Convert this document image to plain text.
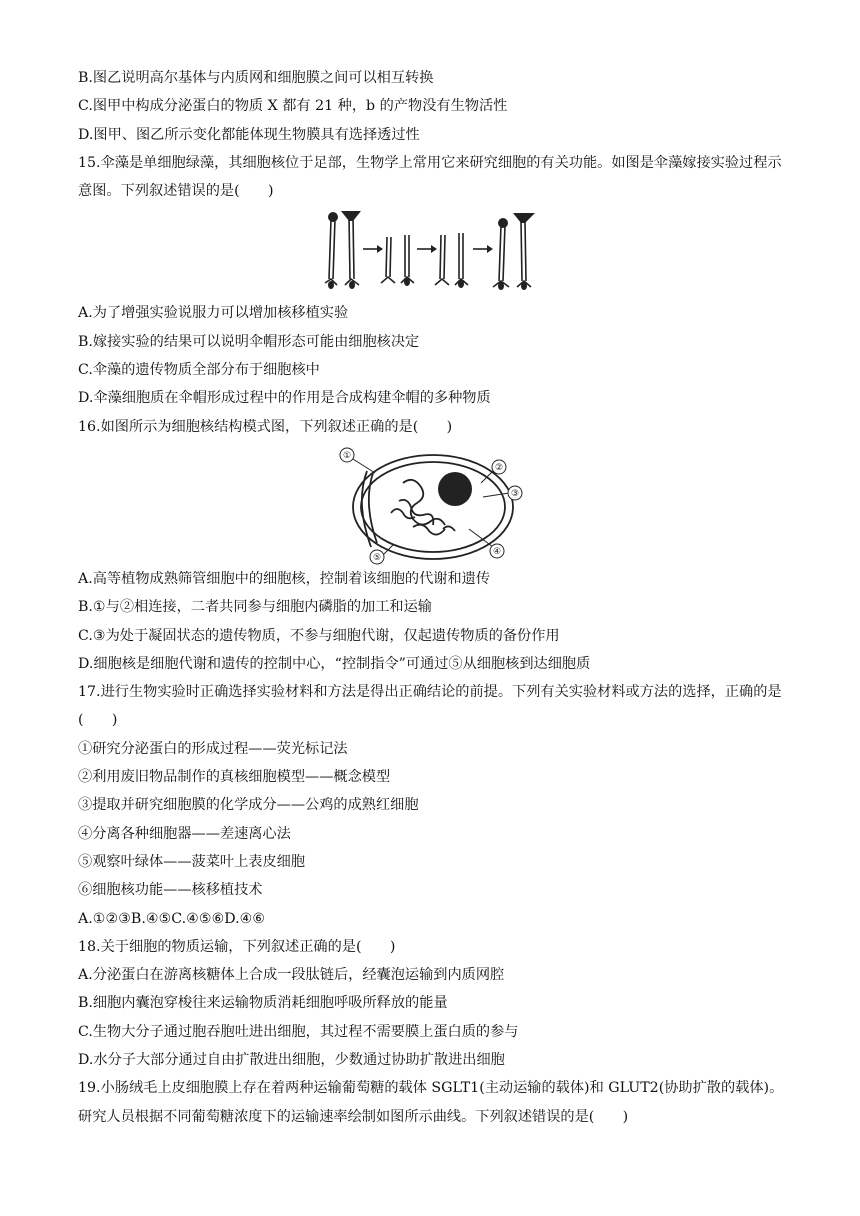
B.图乙说明高尔基体与内质网和细胞膜之间可以相互转换
C.图甲中构成分泌蛋白的物质 X 都有 21 种，b 的产物没有生物活性
D.图甲、图乙所示变化都能体现生物膜具有选择透过性
15.伞藻是单细胞绿藻，其细胞核位于足部，生物学上常用它来研究细胞的有关功能。如图是伞藻嫁接实验过程示意图。下列叙述错误的是(　　)
A.为了增强实验说服力可以增加核移植实验
B.嫁接实验的结果可以说明伞帽形态可能由细胞核决定
C.伞藻的遗传物质全部分布于细胞核中
D.伞藻细胞质在伞帽形成过程中的作用是合成构建伞帽的多种物质
16.如图所示为细胞核结构模式图，下列叙述正确的是(　　)
①
②
③
④
⑤
A.高等植物成熟筛管细胞中的细胞核，控制着该细胞的代谢和遗传
B.①与②相连接，二者共同参与细胞内磷脂的加工和运输
C.③为处于凝固状态的遗传物质，不参与细胞代谢，仅起遗传物质的备份作用
D.细胞核是细胞代谢和遗传的控制中心，“控制指令”可通过⑤从细胞核到达细胞质
17.进行生物实验时正确选择实验材料和方法是得出正确结论的前提。下列有关实验材料或方法的选择，正确的是(　　)
①研究分泌蛋白的形成过程——荧光标记法
②利用废旧物品制作的真核细胞模型——概念模型
③提取并研究细胞膜的化学成分——公鸡的成熟红细胞
④分离各种细胞器——差速离心法
⑤观察叶绿体——菠菜叶上表皮细胞
⑥细胞核功能——核移植技术
A.①②③B.④⑤C.④⑤⑥D.④⑥
18.关于细胞的物质运输，下列叙述正确的是(　　)
A.分泌蛋白在游离核糖体上合成一段肽链后，经囊泡运输到内质网腔
B.细胞内囊泡穿梭往来运输物质消耗细胞呼吸所释放的能量
C.生物大分子通过胞吞胞吐进出细胞，其过程不需要膜上蛋白质的参与
D.水分子大部分通过自由扩散进出细胞，少数通过协助扩散进出细胞
19.小肠绒毛上皮细胞膜上存在着两种运输葡萄糖的载体 SGLT1(主动运输的载体)和 GLUT2(协助扩散的载体)。研究人员根据不同葡萄糖浓度下的运输速率绘制如图所示曲线。下列叙述错误的是(　　)
